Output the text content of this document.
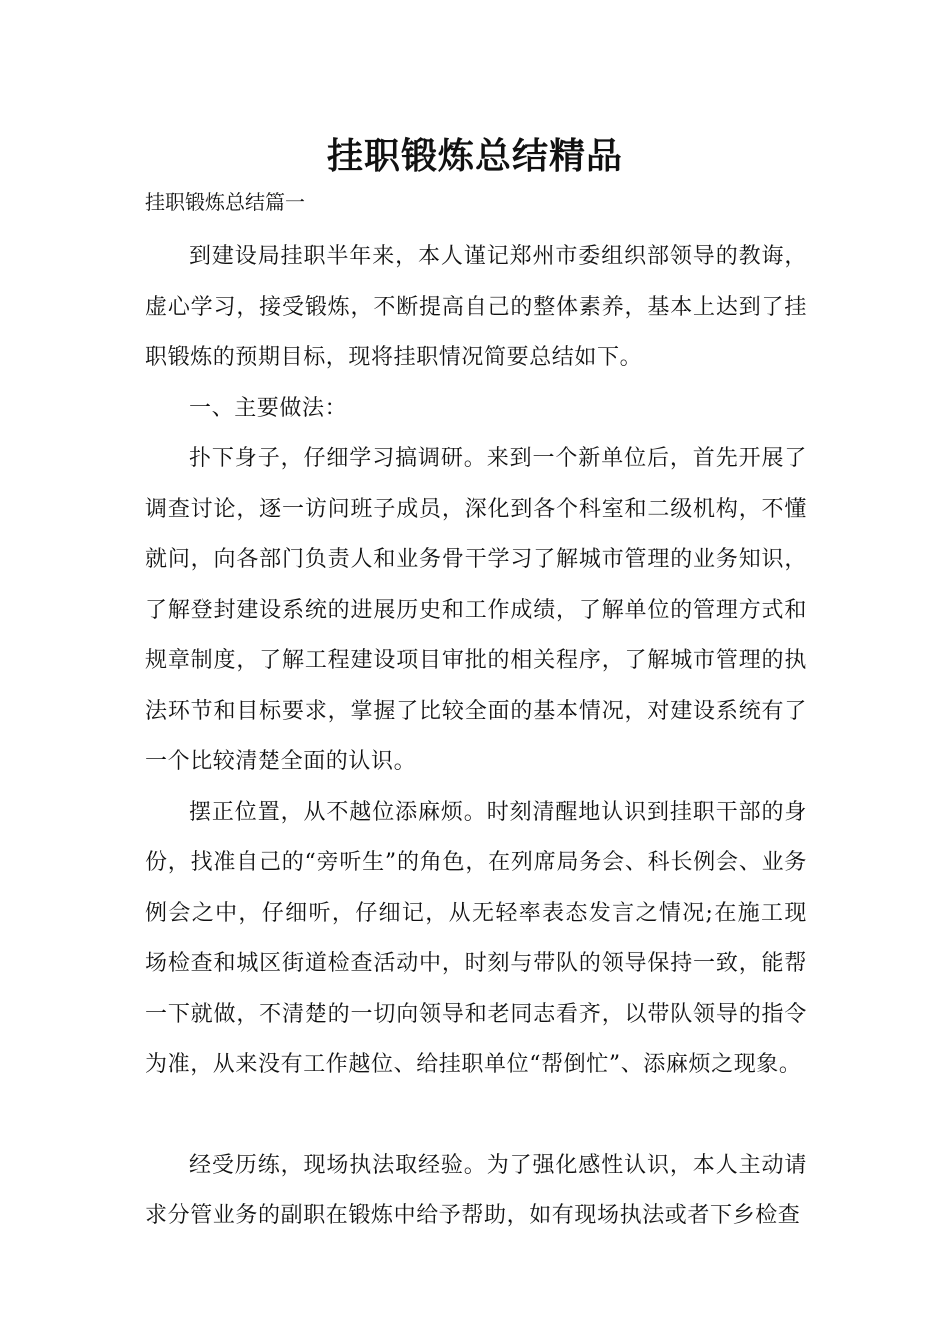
挂职锻炼总结精品
挂职锻炼总结篇一

到建设局挂职半年来，本人谨记郑州市委组织部领导的教诲，虚心学习，接受锻炼，不断提高自己的整体素养，基本上达到了挂职锻炼的预期目标，现将挂职情况简要总结如下。

一、主要做法：

扑下身子，仔细学习搞调研。来到一个新单位后，首先开展了调查讨论，逐一访问班子成员，深化到各个科室和二级机构，不懂就问，向各部门负责人和业务骨干学习了解城市管理的业务知识，了解登封建设系统的进展历史和工作成绩，了解单位的管理方式和规章制度，了解工程建设项目审批的相关程序，了解城市管理的执法环节和目标要求，掌握了比较全面的基本情况，对建设系统有了一个比较清楚全面的认识。

摆正位置，从不越位添麻烦。时刻清醒地认识到挂职干部的身份，找准自己的“旁听生”的角色，在列席局务会、科长例会、业务例会之中，仔细听，仔细记，从无轻率表态发言之情况;在施工现场检查和城区街道检查活动中，时刻与带队的领导保持一致，能帮一下就做，不清楚的一切向领导和老同志看齐，以带队领导的指令为准，从来没有工作越位、给挂职单位“帮倒忙”、添麻烦之现象。

经受历练，现场执法取经验。为了强化感性认识，本人主动请求分管业务的副职在锻炼中给予帮助，如有现场执法或者下乡检查
